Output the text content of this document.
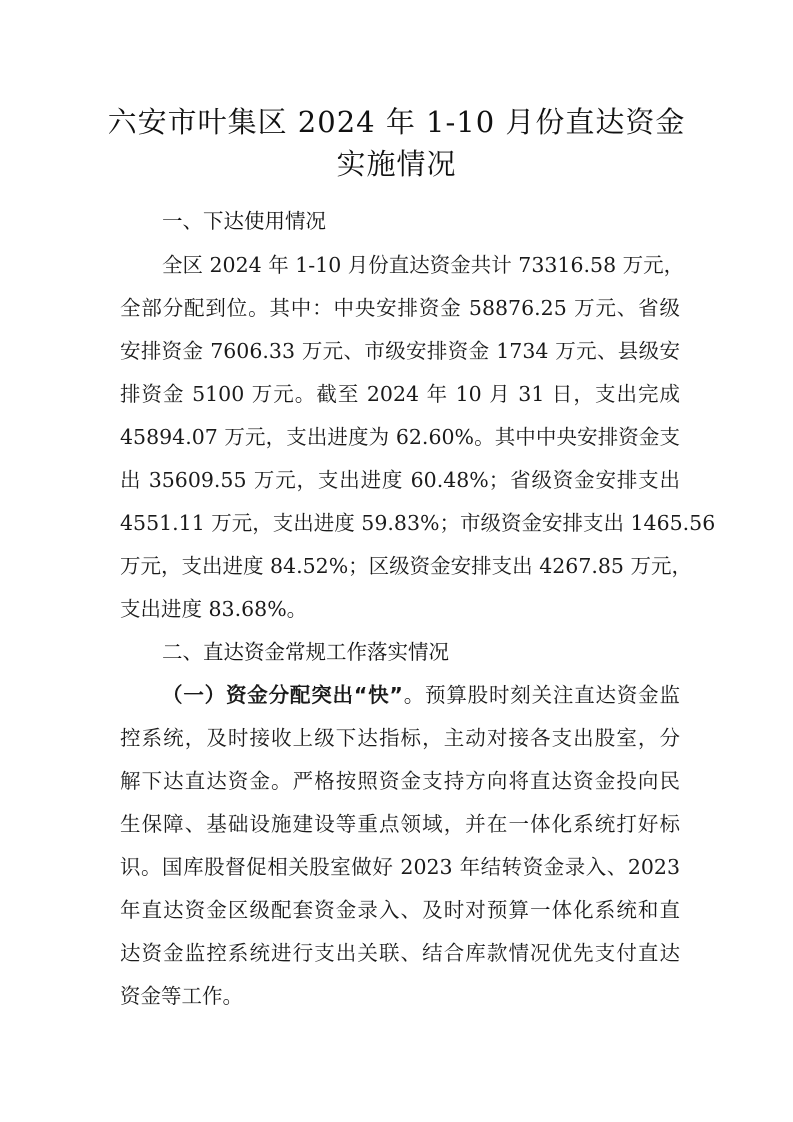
六安市叶集区 2024 年 1-10 月份直达资金
实施情况
一、下达使用情况
全区 2024 年 1-10 月份直达资金共计 73316.58 万元，
全部分配到位。其中：中央安排资金 58876.25 万元、省级
安排资金 7606.33 万元、市级安排资金 1734 万元、县级安
排资金 5100 万元。截至 2024 年 10 月 31 日，支出完成
45894.07 万元，支出进度为 62.60%。其中中央安排资金支
出 35609.55 万元，支出进度 60.48%；省级资金安排支出
4551.11 万元，支出进度 59.83%；市级资金安排支出 1465.56
万元，支出进度 84.52%；区级资金安排支出 4267.85 万元，
支出进度 83.68%。
二、直达资金常规工作落实情况
（一）资金分配突出“快”。预算股时刻关注直达资金监
控系统，及时接收上级下达指标，主动对接各支出股室，分
解下达直达资金。严格按照资金支持方向将直达资金投向民
生保障、基础设施建设等重点领域，并在一体化系统打好标
识。国库股督促相关股室做好 2023 年结转资金录入、2023
年直达资金区级配套资金录入、及时对预算一体化系统和直
达资金监控系统进行支出关联、结合库款情况优先支付直达
资金等工作。
